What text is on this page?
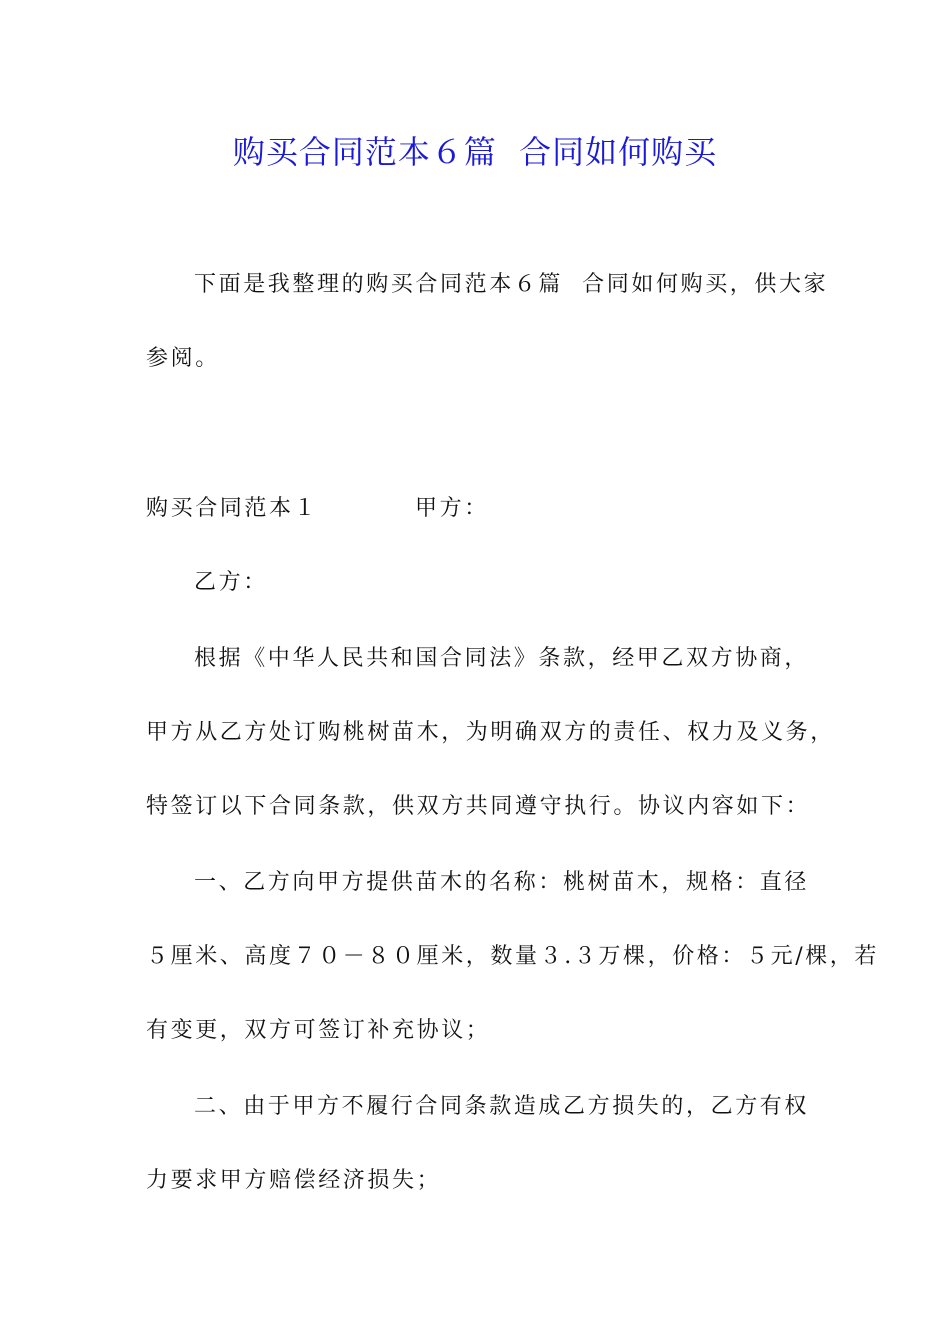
购买合同范本６篇  合同如何购买
下面是我整理的购买合同范本６篇  合同如何购买，供大家
参阅。
购买合同范本１	甲方：
乙方：
根据《中华人民共和国合同法》条款，经甲乙双方协商，
甲方从乙方处订购桃树苗木，为明确双方的责任、权力及义务，
特签订以下合同条款，供双方共同遵守执行。协议内容如下：
一、乙方向甲方提供苗木的名称：桃树苗木，规格：直径
５厘米、高度７０－８０厘米，数量３.３万棵，价格：５元/棵，若
有变更，双方可签订补充协议；
二、由于甲方不履行合同条款造成乙方损失的，乙方有权
力要求甲方赔偿经济损失；
